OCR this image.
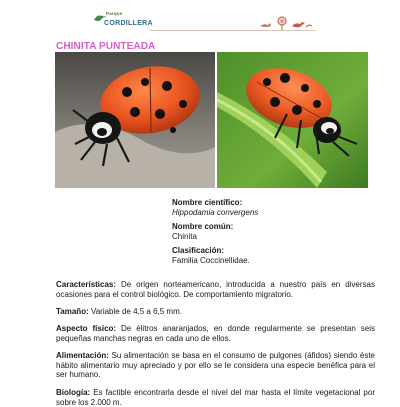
Parque
CORDILLERA
CHINITA PUNTEADA
Nombre científico:
Hippodamia convergens
Nombre común:
Chinita
Clasificación:
Familia Coccinellidae.
Características: De origen norteamericano, introducida a nuestro país en diversas ocasiones para el control biológico. De comportamiento migratorio.
Tamaño: Variable de 4,5 a 6,5 mm.
Aspecto físico: De élitros anaranjados, en donde regularmente se presentan seis pequeñas manchas negras en cada uno de ellos.
Alimentación: Su alimentación se basa en el consumo de pulgones (áfidos) siendo éste hábito alimentario muy apreciado y por ello se le considera una especie benéfica para el ser humano.
Biología: Es factible encontrarla desde el nivel del mar hasta el límite vegetacional por sobre los 2.000 m.
